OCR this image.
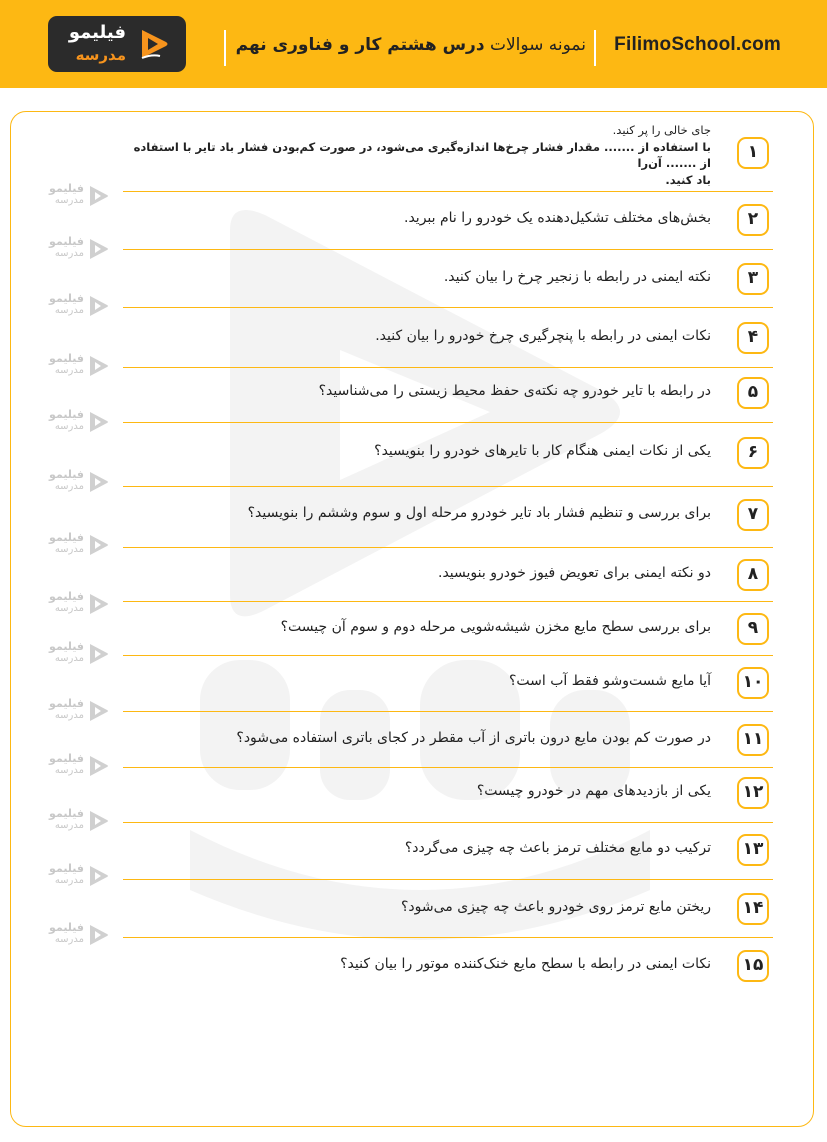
فیلیمو
مدرسه	نمونه سوالات درس هشتم کار و فناوری نهم	FilimoSchool.com
فیلیمو
مدرسه
فیلیمو
مدرسه
فیلیمو
مدرسه
فیلیمو
مدرسه
فیلیمو
مدرسه
فیلیمو
مدرسه
فیلیمو
مدرسه
فیلیمو
مدرسه
فیلیمو
مدرسه
فیلیمو
مدرسه
فیلیمو
مدرسه
فیلیمو
مدرسه
فیلیمو
مدرسه
فیلیمو
مدرسه
۱
جای خالی را پر کنید.
با استفاده از ....... مقدار فشار چرخ‌ها اندازه‌گیری می‌شود، در صورت کم‌بودن فشار باد تایر با استفاده از ....... آن‌را
باد کنید.
۲
بخش‌های مختلف تشکیل‌دهنده یک خودرو را نام ببرید.
۳
نکته ایمنی در رابطه با زنجیر چرخ را بیان کنید.
۴
نکات ایمنی در رابطه با پنچرگیری چرخ خودرو را بیان کنید.
۵
در رابطه با تایر خودرو چه نکته‌ی حفظ محیط زیستی را می‌شناسید؟
۶
یکی از نکات ایمنی هنگام کار با تایرهای خودرو را بنویسید؟
۷
برای بررسی و تنظیم فشار باد تایر خودرو مرحله اول و سوم وششم را بنویسید؟
۸
دو نکته ایمنی برای تعویض فیوز خودرو بنویسید.
۹
برای بررسی سطح مایع مخزن شیشه‌شویی مرحله دوم و سوم آن چیست؟
۱۰
آیا مایع شست‌وشو فقط آب است؟
۱۱
در صورت کم بودن مایع درون باتری از آب مقطر در کجای باتری استفاده می‌شود؟
۱۲
یکی از بازدیدهای مهم در خودرو چیست؟
۱۳
ترکیب دو مایع مختلف ترمز باعث چه چیزی می‌گردد؟
۱۴
ریختن مایع ترمز روی خودرو باعث چه چیزی می‌شود؟
۱۵
نکات ایمنی در رابطه با سطح مایع خنک‌کننده موتور را بیان کنید؟
